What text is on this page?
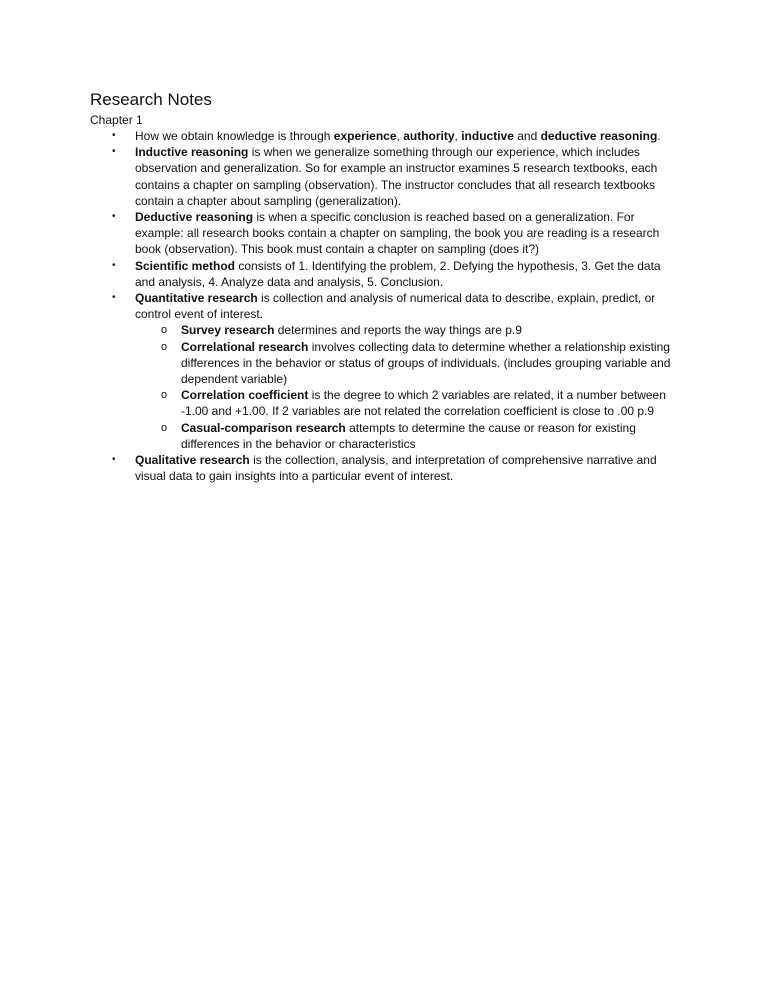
Research Notes

Chapter 1

• How we obtain knowledge is through experience, authority, inductive and deductive reasoning.
• Inductive reasoning is when we generalize something through our experience, which includes observation and generalization. So for example an instructor examines 5 research textbooks, each contains a chapter on sampling (observation). The instructor concludes that all research textbooks contain a chapter about sampling (generalization).
• Deductive reasoning is when a specific conclusion is reached based on a generalization. For example: all research books contain a chapter on sampling, the book you are reading is a research book (observation). This book must contain a chapter on sampling (does it?)
• Scientific method consists of 1. Identifying the problem, 2. Defying the hypothesis, 3. Get the data and analysis, 4. Analyze data and analysis, 5. Conclusion.
• Quantitative research is collection and analysis of numerical data to describe, explain, predict, or control event of interest.
o Survey research determines and reports the way things are p.9
o Correlational research involves collecting data to determine whether a relationship existing differences in the behavior or status of groups of individuals. (includes grouping variable and dependent variable)
o Correlation coefficient is the degree to which 2 variables are related, it a number between -1.00 and +1.00. If 2 variables are not related the correlation coefficient is close to .00 p.9
o Casual-comparison research attempts to determine the cause or reason for existing differences in the behavior or characteristics
• Qualitative research is the collection, analysis, and interpretation of comprehensive narrative and visual data to gain insights into a particular event of interest.
